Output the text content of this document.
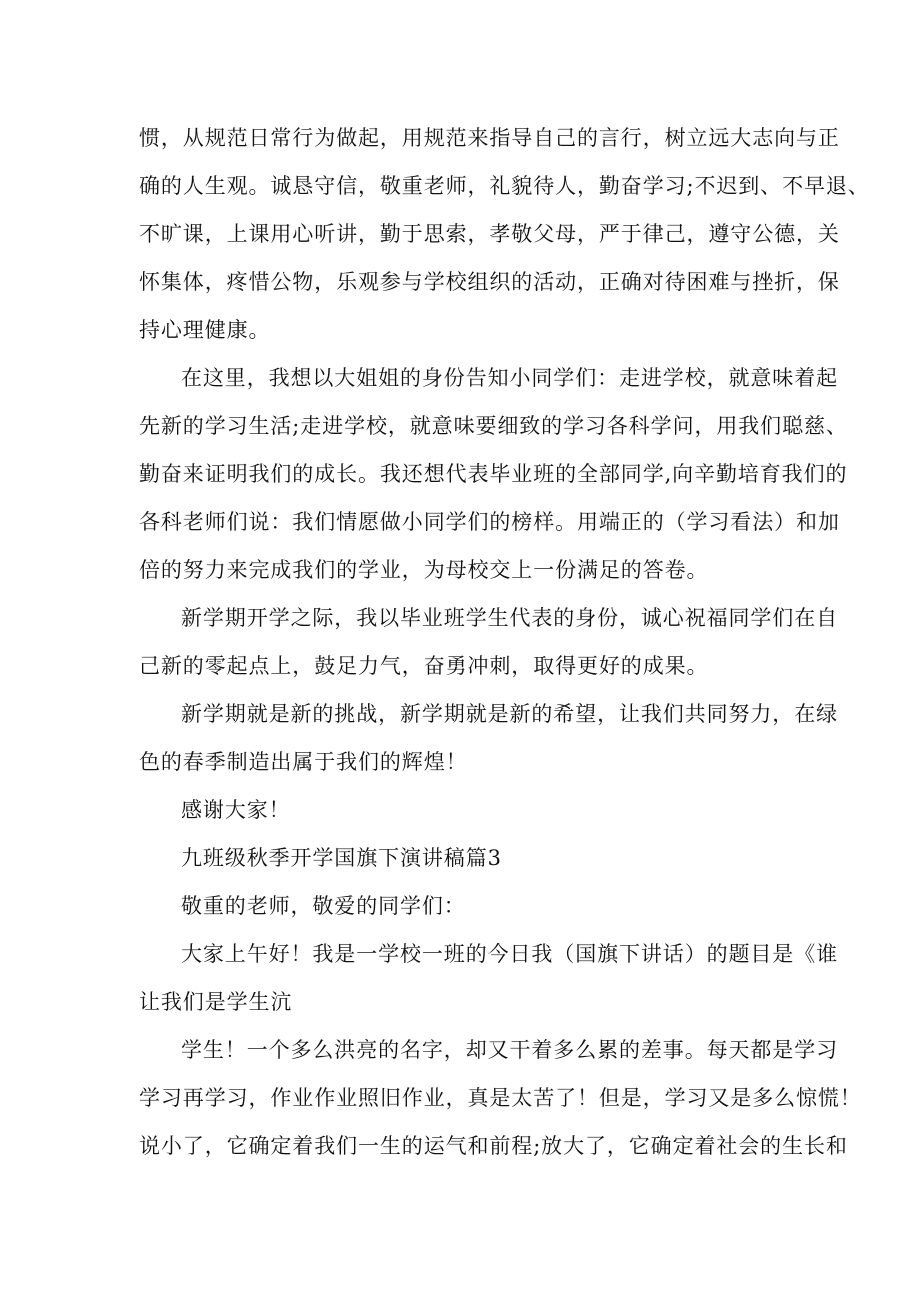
惯，从规范日常行为做起，用规范来指导自己的言行，树立远大志向与正
确的人生观。诚恳守信，敬重老师，礼貌待人，勤奋学习;不迟到、不早退、
不旷课，上课用心听讲，勤于思索，孝敬父母，严于律己，遵守公德，关
怀集体，疼惜公物，乐观参与学校组织的活动，正确对待困难与挫折，保
持心理健康。
在这里，我想以大姐姐的身份告知小同学们：走进学校，就意味着起
先新的学习生活;走进学校，就意味要细致的学习各科学问，用我们聪慈、
勤奋来证明我们的成长。我还想代表毕业班的全部同学,向辛勤培育我们的
各科老师们说：我们情愿做小同学们的榜样。用端正的（学习看法）和加
倍的努力来完成我们的学业，为母校交上一份满足的答卷。
新学期开学之际，我以毕业班学生代表的身份，诚心祝福同学们在自
己新的零起点上，鼓足力气，奋勇冲刺，取得更好的成果。
新学期就是新的挑战，新学期就是新的希望，让我们共同努力，在绿
色的春季制造出属于我们的辉煌！
感谢大家！
九班级秋季开学国旗下演讲稿篇3
敬重的老师，敬爱的同学们：
大家上午好！我是一学校一班的今日我（国旗下讲话）的题目是《谁
让我们是学生沆
学生！一个多么洪亮的名字，却又干着多么累的差事。每天都是学习
学习再学习，作业作业照旧作业，真是太苦了！但是，学习又是多么惊慌！
说小了，它确定着我们一生的运气和前程;放大了，它确定着社会的生长和
